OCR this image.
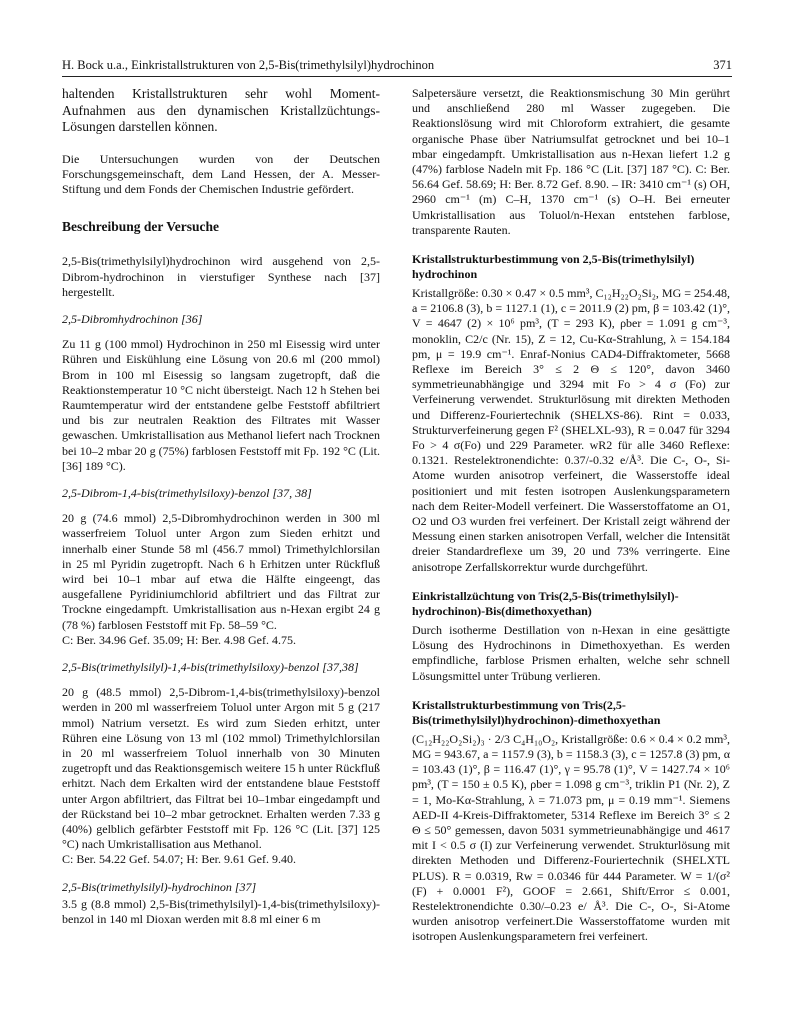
H. Bock u.a., Einkristallstrukturen von 2,5-Bis(trimethylsilyl)hydrochinon	371

haltenden Kristallstrukturen sehr wohl Moment-Aufnahmen aus den dynamischen Kristallzüchtungs-Lösungen darstellen können.

Die Untersuchungen wurden von der Deutschen Forschungsgemeinschaft, dem Land Hessen, der A. Messer-Stiftung und dem Fonds der Chemischen Industrie gefördert.

Beschreibung der Versuche

2,5-Bis(trimethylsilyl)hydrochinon wird ausgehend von 2,5-Dibrom-hydrochinon in vierstufiger Synthese nach [37] hergestellt.

2,5-Dibromhydrochinon [36]

Zu 11 g (100 mmol) Hydrochinon in 250 ml Eisessig wird unter Rühren und Eiskühlung eine Lösung von 20.6 ml (200 mmol) Brom in 100 ml Eisessig so langsam zugetropft, daß die Reaktionstemperatur 10 °C nicht übersteigt. Nach 12 h Stehen bei Raumtemperatur wird der entstandene gelbe Feststoff abfiltriert und bis zur neutralen Reaktion des Filtrates mit Wasser gewaschen. Umkristallisation aus Methanol liefert nach Trocknen bei 10–2 mbar 20 g (75%) farblosen Feststoff mit Fp. 192 °C (Lit. [36] 189 °C).

2,5-Dibrom-1,4-bis(trimethylsiloxy)-benzol [37, 38]

20 g (74.6 mmol) 2,5-Dibromhydrochinon werden in 300 ml wasserfreiem Toluol unter Argon zum Sieden erhitzt und innerhalb einer Stunde 58 ml (456.7 mmol) Trimethylchlorsilan in 25 ml Pyridin zugetropft. Nach 6 h Erhitzen unter Rückfluß wird bei 10–1 mbar auf etwa die Hälfte eingeengt, das ausgefallene Pyridiniumchlorid abfiltriert und das Filtrat zur Trockne eingedampft. Umkristallisation aus n-Hexan ergibt 24 g (78 %) farblosen Feststoff mit Fp. 58–59 °C.

C: Ber. 34.96 Gef. 35.09; H: Ber. 4.98 Gef. 4.75.

2,5-Bis(trimethylsilyl)-1,4-bis(trimethylsiloxy)-benzol [37,38]

20 g (48.5 mmol) 2,5-Dibrom-1,4-bis(trimethylsiloxy)-benzol werden in 200 ml wasserfreiem Toluol unter Argon mit 5 g (217 mmol) Natrium versetzt. Es wird zum Sieden erhitzt, unter Rühren eine Lösung von 13 ml (102 mmol) Trimethylchlorsilan in 20 ml wasserfreiem Toluol innerhalb von 30 Minuten zugetropft und das Reaktionsgemisch weitere 15 h unter Rückfluß erhitzt. Nach dem Erkalten wird der entstandene blaue Feststoff unter Argon abfiltriert, das Filtrat bei 10–1mbar eingedampft und der Rückstand bei 10–2 mbar getrocknet. Erhalten werden 7.33 g (40%) gelblich gefärbter Feststoff mit Fp. 126 °C (Lit. [37] 125 °C) nach Umkristallisation aus Methanol.

C: Ber. 54.22 Gef. 54.07; H: Ber. 9.61 Gef. 9.40.

2,5-Bis(trimethylsilyl)-hydrochinon [37]

3.5 g (8.8 mmol) 2,5-Bis(trimethylsilyl)-1,4-bis(trimethylsiloxy)-benzol in 140 ml Dioxan werden mit 8.8 ml einer 6 m

Salpetersäure versetzt, die Reaktionsmischung 30 Min gerührt und anschließend 280 ml Wasser zugegeben. Die Reaktionslösung wird mit Chloroform extrahiert, die gesamte organische Phase über Natriumsulfat getrocknet und bei 10–1 mbar eingedampft. Umkristallisation aus n-Hexan liefert 1.2 g (47%) farblose Nadeln mit Fp. 186 °C (Lit. [37] 187 °C). C: Ber. 56.64 Gef. 58.69; H: Ber. 8.72 Gef. 8.90. – IR: 3410 cm⁻¹ (s) OH, 2960 cm⁻¹ (m) C–H, 1370 cm⁻¹ (s) O–H. Bei erneuter Umkristallisation aus Toluol/n-Hexan entstehen farblose, transparente Rauten.

Kristallstrukturbestimmung von 2,5-Bis(trimethylsilyl) hydrochinon

Kristallgröße: 0.30 × 0.47 × 0.5 mm³, C₁₂H₂₂O₂Si₂, MG = 254.48, a = 2106.8 (3), b = 1127.1 (1), c = 2011.9 (2) pm, β = 103.42 (1)°, V = 4647 (2) × 10⁶ pm³, (T = 293 K), ρber = 1.091 g cm⁻³, monoklin, C2/c (Nr. 15), Z = 12, Cu-Kα-Strahlung, λ = 154.184 pm, μ = 19.9 cm⁻¹. Enraf-Nonius CAD4-Diffraktometer, 5668 Reflexe im Bereich 3° ≤ 2 Θ ≤ 120°, davon 3460 symmetrieunabhängige und 3294 mit Fo > 4 σ (Fo) zur Verfeinerung verwendet. Strukturlösung mit direkten Methoden und Differenz-Fouriertechnik (SHELXS-86). Rint = 0.033, Strukturverfeinerung gegen F² (SHELXL-93), R = 0.047 für 3294 Fo > 4 σ(Fo) und 229 Parameter. wR2 für alle 3460 Reflexe: 0.1321. Restelektronendichte: 0.37/-0.32 e/Å³. Die C-, O-, Si-Atome wurden anisotrop verfeinert, die Wasserstoffe ideal positioniert und mit festen isotropen Auslenkungsparametern nach dem Reiter-Modell verfeinert. Die Wasserstoffatome an O1, O2 und O3 wurden frei verfeinert. Der Kristall zeigt während der Messung einen starken anisotropen Verfall, welcher die Intensität dreier Standardreflexe um 39, 20 und 73% verringerte. Eine anisotrope Zerfallskorrektur wurde durchgeführt.

Einkristallzüchtung von Tris(2,5-Bis(trimethylsilyl)-hydrochinon)-Bis(dimethoxyethan)

Durch isotherme Destillation von n-Hexan in eine gesättigte Lösung des Hydrochinons in Dimethoxyethan. Es werden empfindliche, farblose Prismen erhalten, welche sehr schnell Lösungsmittel unter Trübung verlieren.

Kristallstrukturbestimmung von Tris(2,5-Bis(trimethylsilyl)hydrochinon)-dimethoxyethan

(C₁₂H₂₂O₂Si₂)₃ · 2/3 C₄H₁₀O₂, Kristallgröße: 0.6 × 0.4 × 0.2 mm³, MG = 943.67, a = 1157.9 (3), b = 1158.3 (3), c = 1257.8 (3) pm, α = 103.43 (1)°, β = 116.47 (1)°, γ = 95.78 (1)°, V = 1427.74 × 10⁶ pm³, (T = 150 ± 0.5 K), ρber = 1.098 g cm⁻³, triklin P1 (Nr. 2), Z = 1, Mo-Kα-Strahlung, λ = 71.073 pm, μ = 0.19 mm⁻¹. Siemens AED-II 4-Kreis-Diffraktometer, 5314 Reflexe im Bereich 3° ≤ 2 Θ ≤ 50° gemessen, davon 5031 symmetrieunabhängige und 4617 mit I < 0.5 σ (I) zur Verfeinerung verwendet. Strukturlösung mit direkten Methoden und Differenz-Fouriertechnik (SHELXTL PLUS). R = 0.0319, Rw = 0.0346 für 444 Parameter. W = 1/(σ² (F) + 0.0001 F²), GOOF = 2.661, Shift/Error ≤ 0.001, Restelektronendichte 0.30/–0.23 e/ Å³. Die C-, O-, Si-Atome wurden anisotrop verfeinert.Die Wasserstoffatome wurden mit isotropen Auslenkungsparametern frei verfeinert.
